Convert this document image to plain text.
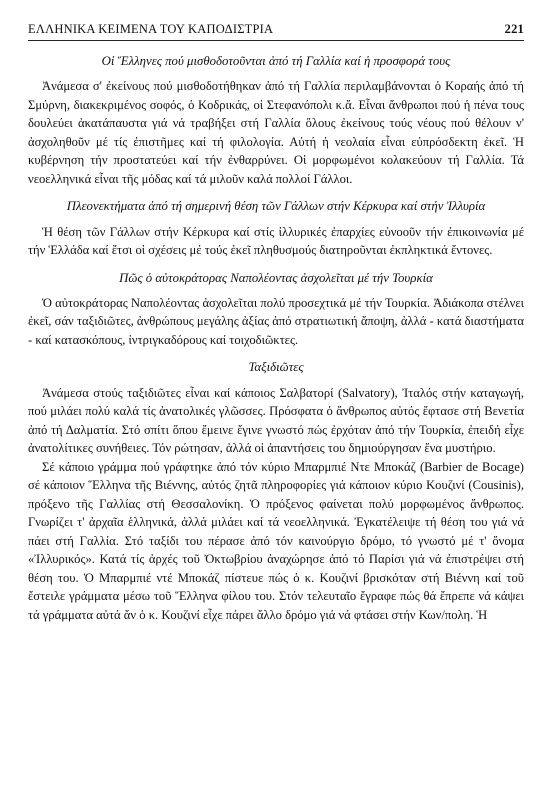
ΕΛΛΗΝΙΚΑ ΚΕΙΜΕΝΑ ΤΟΥ ΚΑΠΟΔΙΣΤΡΙΑ	221
Οἱ Ἕλληνες πού μισθοδοτοῦνται ἀπό τή Γαλλία καί ἡ προσφορά τους

Ἀνάμεσα σ' ἐκείνους πού μισθοδοτήθηκαν ἀπό τή Γαλλία περιλαμβάνονται ὁ Κοραής ἀπό τή Σμύρνη, διακεκριμένος σοφός, ὁ Κοδρικάς, οἱ Στεφανόπολι κ.ἄ. Εἶναι ἄνθρωποι πού ἡ πένα τους δουλεύει ἀκατάπαυστα γιά νά τραβήξει στή Γαλλία ὅλους ἐκείνους τούς νέους πού θέλουν ν' ἀσχοληθοῦν μέ τίς ἐπιστῆμες καί τή φιλολογία. Αὐτή ἡ νεολαία εἶναι εὐπρόσδεκτη ἐκεῖ. Ἡ κυβέρνηση τήν προστατεύει καί τήν ἐνθαρρύνει. Οἱ μορφωμένοι κολακεύουν τή Γαλλία. Τά νεοελληνικά εἶναι τῆς μόδας καί τά μιλοῦν καλά πολλοί Γάλλοι.

Πλεονεκτήματα ἀπό τή σημερινή θέση τῶν Γάλλων στήν Κέρκυρα καί στήν Ἰλλυρία

Ἡ θέση τῶν Γάλλων στήν Κέρκυρα καί στίς ἰλλυρικές ἐπαρχίες εὐνοοῦν τήν ἐπικοινωνία μέ τήν Ἑλλάδα καί ἔτσι οἱ σχέσεις μέ τούς ἐκεῖ πληθυσμούς διατηροῦνται ἐκπληκτικά ἔντονες.

Πῶς ὁ αὐτοκράτορας Ναπολέοντας ἀσχολεῖται μέ τήν Τουρκία

Ὁ αὐτοκράτορας Ναπολέοντας ἀσχολεῖται πολύ προσεχτικά μέ τήν Τουρκία. Ἀδιάκοπα στέλνει ἐκεῖ, σάν ταξιδιῶτες, ἀνθρώπους μεγάλης ἀξίας ἀπό στρατιωτική ἄποψη, ἀλλά - κατά διαστήματα - καί κατασκόπους, ἰντριγκαδόρους καί τοιχοδιῶκτες.

Ταξιδιῶτες

Ἀνάμεσα στούς ταξιδιῶτες εἶναι καί κάποιος Σαλβατορί (Salvatory), Ἰταλός στήν καταγωγή, πού μιλάει πολύ καλά τίς ἀνατολικές γλῶσσες. Πρόσφατα ὁ ἄνθρωπος αὐτός ἔφτασε στή Βενετία ἀπό τή Δαλματία. Στό σπίτι ὅπου ἔμεινε ἔγινε γνωστό πώς ἐρχόταν ἀπό τήν Τουρκία, ἐπειδή εἶχε ἀνατολίτικες συνήθειες. Τόν ρώτησαν, ἀλλά οἱ ἀπαντήσεις του δημιούργησαν ἕνα μυστήριο.

Σέ κάποιο γράμμα πού γράφτηκε ἀπό τόν κύριο Μπαρμπιέ Ντε Μποκάζ (Barbier de Bocage) σέ κάποιον Ἕλληνα τῆς Βιέννης, αὐτός ζητᾶ πληροφορίες γιά κάποιον κύριο Κουζινί (Cousinis), πρόξενο τῆς Γαλλίας στή Θεσσαλονίκη. Ὁ πρόξενος φαίνεται πολύ μορφωμένος ἄνθρωπος. Γνωρίζει τ' ἀρχαῖα ἑλληνικά, ἀλλά μιλάει καί τά νεοελληνικά. Ἐγκατέλειψε τή θέση του γιά νά πάει στή Γαλλία. Στό ταξίδι του πέρασε ἀπό τόν καινούργιο δρόμο, τό γνωστό μέ τ' ὄνομα «Ἰλλυρικός». Κατά τίς ἀρχές τοῦ Ὀκτωβρίου ἀναχώρησε ἀπό τό Παρίσι γιά νά ἐπιστρέψει στή θέση του. Ὁ Μπαρμπιέ ντέ Μποκάζ πίστευε πώς ὁ κ. Κουζινί βρισκόταν στή Βιέννη καί τοῦ ἔστειλε γράμματα μέσω τοῦ Ἕλληνα φίλου του. Στόν τελευταῖο ἔγραφε πώς θά ἔπρεπε νά κάψει τά γράμματα αὐτά ἄν ὁ κ. Κουζινί εἶχε πάρει ἄλλο δρόμο γιά νά φτάσει στήν Κων/πολη. Ἡ
